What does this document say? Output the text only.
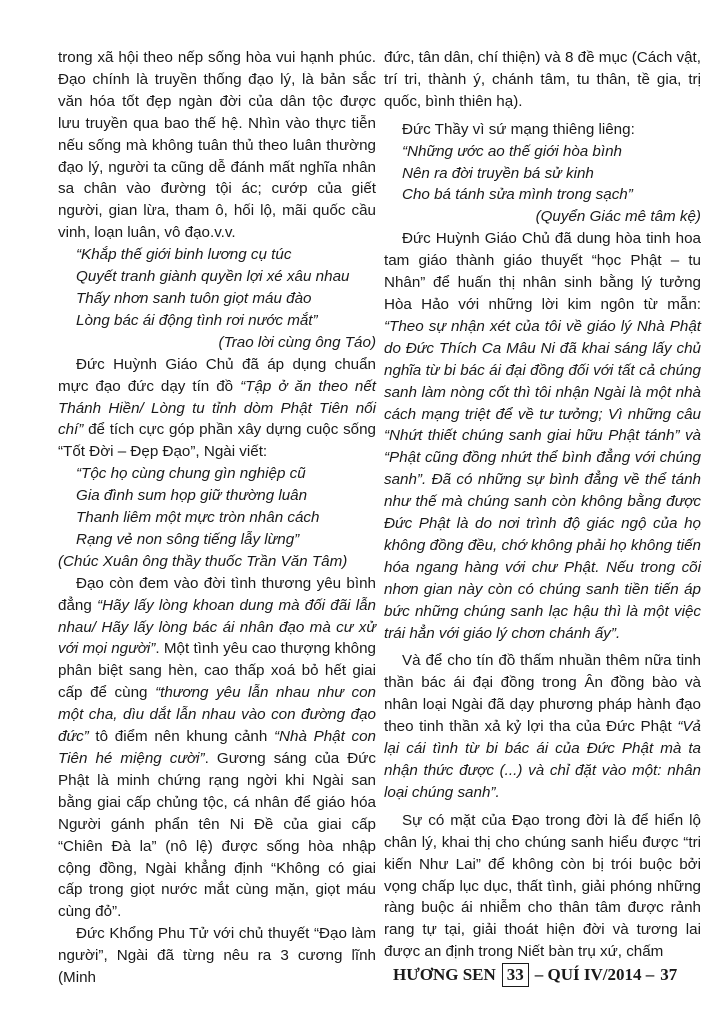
trong xã hội theo nếp sống hòa vui hạnh phúc. Đạo chính là truyền thống đạo lý, là bản sắc văn hóa tốt đẹp ngàn đời của dân tộc được lưu truyền qua bao thế hệ. Nhìn vào thực tiễn nếu sống mà không tuân thủ theo luân thường đạo lý, người ta cũng dễ đánh mất nghĩa nhân sa chân vào đường tội ác; cướp của giết người, gian lừa, tham ô, hối lộ, mãi quốc cầu vinh, loạn luân, vô đạo.v.v.

“Khắp thế giới binh lương cụ túc

Quyết tranh giành quyền lợi xé xâu nhau

Thấy nhơn sanh tuôn giọt máu đào

Lòng bác ái động tình rơi nước mắt”

(Trao lời cùng ông Táo)

Đức Huỳnh Giáo Chủ đã áp dụng chuẩn mực đạo đức dạy tín đồ “Tập ở ăn theo nết Thánh Hiền/ Lòng tu tỉnh dòm Phật Tiên nối chí” để tích cực góp phần xây dựng cuộc sống “Tốt Đời – Đẹp Đạo”, Ngài viết:

“Tộc họ cùng chung gìn nghiệp cũ

Gia đình sum họp giữ thường luân

Thanh liêm một mực tròn nhân cách

Rạng vẻ non sông tiếng lẫy lừng”

(Chúc Xuân ông thầy thuốc Trần Văn Tâm)

Đạo còn đem vào đời tình thương yêu bình đẳng “Hãy lấy lòng khoan dung mà đối đãi lẫn nhau/ Hãy lấy lòng bác ái nhân đạo mà cư xử với mọi người”. Một tình yêu cao thượng không phân biệt sang hèn, cao thấp xoá bỏ hết giai cấp để cùng “thương yêu lẫn nhau như con một cha, dìu dắt lẫn nhau vào con đường đạo đức” tô điểm nên khung cảnh “Nhà Phật con Tiên hé miệng cười”. Gương sáng của Đức Phật là minh chứng rạng ngời khi Ngài san bằng giai cấp chủng tộc, cá nhân để giáo hóa Người gánh phẩn tên Ni Đề của giai cấp “Chiên Đà la” (nô lệ) được sống hòa nhập cộng đồng, Ngài khẳng định “Không có giai cấp trong giọt nước mắt cùng mặn, giọt máu cùng đỏ”.

Đức Khổng Phu Tử với chủ thuyết “Đạo làm người”, Ngài đã từng nêu ra 3 cương lĩnh (Minh

đức, tân dân, chí thiện) và 8 đề mục (Cách vật, trí tri, thành ý, chánh tâm, tu thân, tề gia, trị quốc, bình thiên hạ).

Đức Thầy vì sứ mạng thiêng liêng:

“Những ước ao thế giới hòa bình

Nên ra đời truyền bá sử kinh

Cho bá tánh sửa mình trong sạch”

(Quyển Giác mê tâm kệ)

Đức Huỳnh Giáo Chủ đã dung hòa tinh hoa tam giáo thành giáo thuyết “học Phật – tu Nhân” để huấn thị nhân sinh bằng lý tưởng Hòa Hảo với những lời kim ngôn từ mẫn: “Theo sự nhận xét của tôi về giáo lý Nhà Phật do Đức Thích Ca Mâu Ni đã khai sáng lấy chủ nghĩa từ bi bác ái đại đồng đối với tất cả chúng sanh làm nòng cốt thì tôi nhận Ngài là một nhà cách mạng triệt để về tư tưởng; Vì những câu “Nhứt thiết chúng sanh giai hữu Phật tánh” và “Phật cũng đồng nhứt thể bình đẳng với chúng sanh”. Đã có những sự bình đẳng về thể tánh như thế mà chúng sanh còn không bằng được Đức Phật là do nơi trình độ giác ngộ của họ không đồng đều, chớ không phải họ không tiến hóa ngang hàng với chư Phật. Nếu trong cõi nhơn gian này còn có chúng sanh tiền tiến áp bức những chúng sanh lạc hậu thì là một việc trái hẳn với giáo lý chơn chánh ấy”.

Và để cho tín đồ thấm nhuần thêm nữa tinh thần bác ái đại đồng trong Ân đồng bào và nhân loại Ngài đã dạy phương pháp hành đạo theo tinh thần xả kỷ lợi tha của Đức Phật “Vả lại cái tình từ bi bác ái của Đức Phật mà ta nhận thức được (...) và chỉ đặt vào một: nhân loại chúng sanh”.

Sự có mặt của Đạo trong đời là để hiển lộ chân lý, khai thị cho chúng sanh hiểu được “tri kiến Như Lai” để không còn bị trói buộc bởi vọng chấp lục dục, thất tình, giải phóng những ràng buộc ái nhiễm cho thân tâm được rảnh rang tự tại, giải thoát hiện đời và tương lai được an định trong Niết bàn trụ xứ, chấm

HƯƠNG SEN 33 – QUÍ IV/2014 – 37
